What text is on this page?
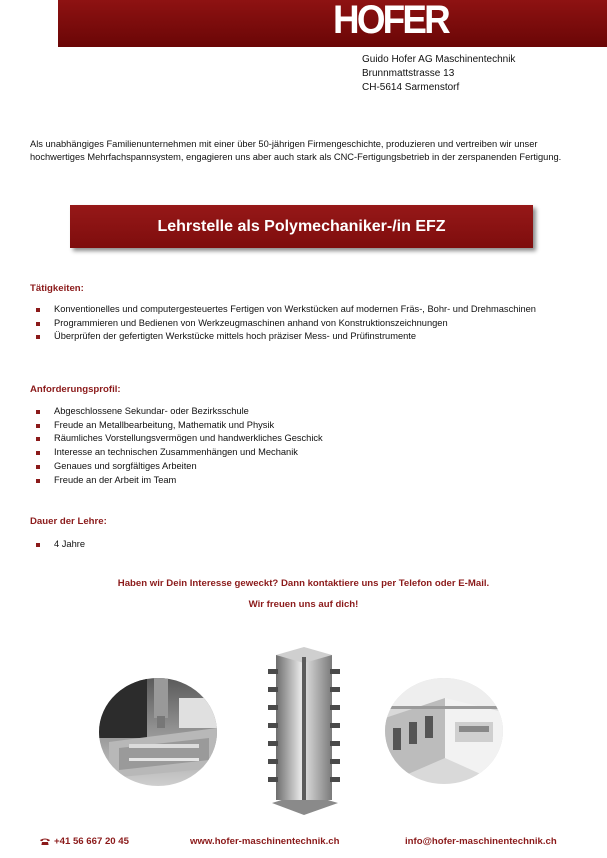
HOFER
Guido Hofer AG Maschinentechnik
Brunnmattstrasse 13
CH-5614 Sarmenstorf
Als unabhängiges Familienunternehmen mit einer über 50-jährigen Firmengeschichte, produzieren und vertreiben wir unser hochwertiges Mehrfachspannsystem, engagieren uns aber auch stark als CNC-Fertigungsbetrieb in der zerspanenden Fertigung.
Lehrstelle als Polymechaniker-/in EFZ
Tätigkeiten:
Konventionelles und computergesteuertes Fertigen von Werkstücken auf modernen Fräs-, Bohr- und Drehmaschinen
Programmieren und Bedienen von Werkzeugmaschinen anhand von Konstruktionszeichnungen
Überprüfen der gefertigten Werkstücke mittels hoch präziser Mess- und Prüfinstrumente
Anforderungsprofil:
Abgeschlossene Sekundar- oder Bezirksschule
Freude an Metallbearbeitung, Mathematik und Physik
Räumliches Vorstellungsvermögen und handwerkliches Geschick
Interesse an technischen Zusammenhängen und Mechanik
Genaues und sorgfältiges Arbeiten
Freude an der Arbeit im Team
Dauer der Lehre:
4 Jahre
Haben wir Dein Interesse geweckt? Dann kontaktiere uns per Telefon oder E-Mail.
Wir freuen uns auf dich!
+41 56 667 20 45	www.hofer-maschinentechnik.ch	info@hofer-maschinentechnik.ch
